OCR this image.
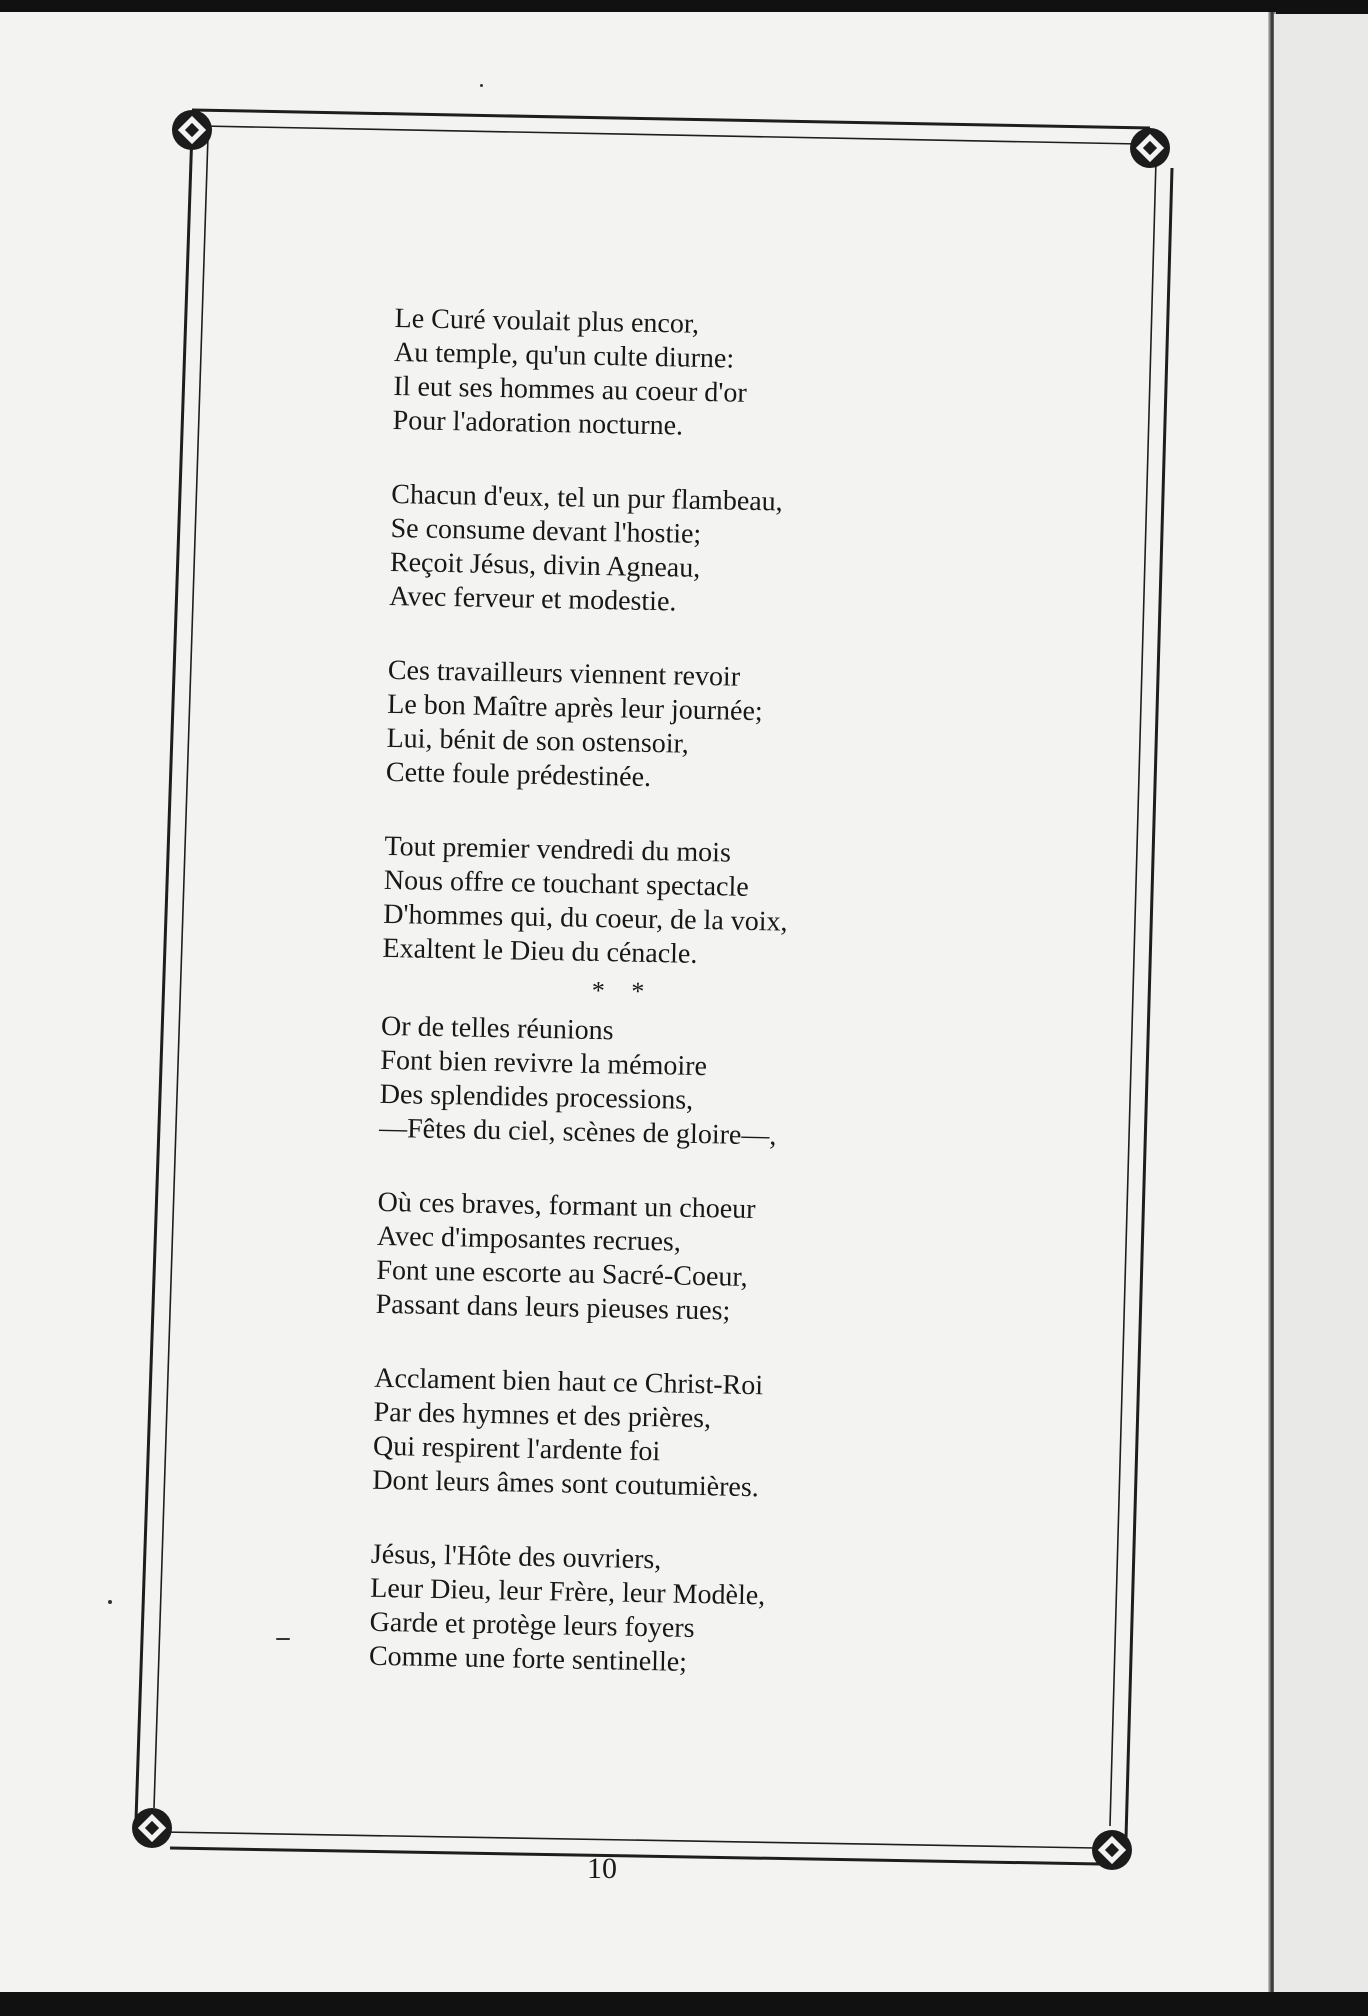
Le Curé voulait plus encor,
Au temple, qu'un culte diurne:
Il eut ses hommes au coeur d'or
Pour l'adoration nocturne.
Chacun d'eux, tel un pur flambeau,
Se consume devant l'hostie;
Reçoit Jésus, divin Agneau,
Avec ferveur et modestie.
Ces travailleurs viennent revoir
Le bon Maître après leur journée;
Lui, bénit de son ostensoir,
Cette foule prédestinée.
Tout premier vendredi du mois
Nous offre ce touchant spectacle
D'hommes qui, du coeur, de la voix,
Exaltent le Dieu du cénacle.
* *
Or de telles réunions
Font bien revivre la mémoire
Des splendides processions,
—Fêtes du ciel, scènes de gloire—,
Où ces braves, formant un choeur
Avec d'imposantes recrues,
Font une escorte au Sacré-Coeur,
Passant dans leurs pieuses rues;
Acclament bien haut ce Christ-Roi
Par des hymnes et des prières,
Qui respirent l'ardente foi
Dont leurs âmes sont coutumières.
Jésus, l'Hôte des ouvriers,
Leur Dieu, leur Frère, leur Modèle,
Garde et protège leurs foyers
Comme une forte sentinelle;
10
